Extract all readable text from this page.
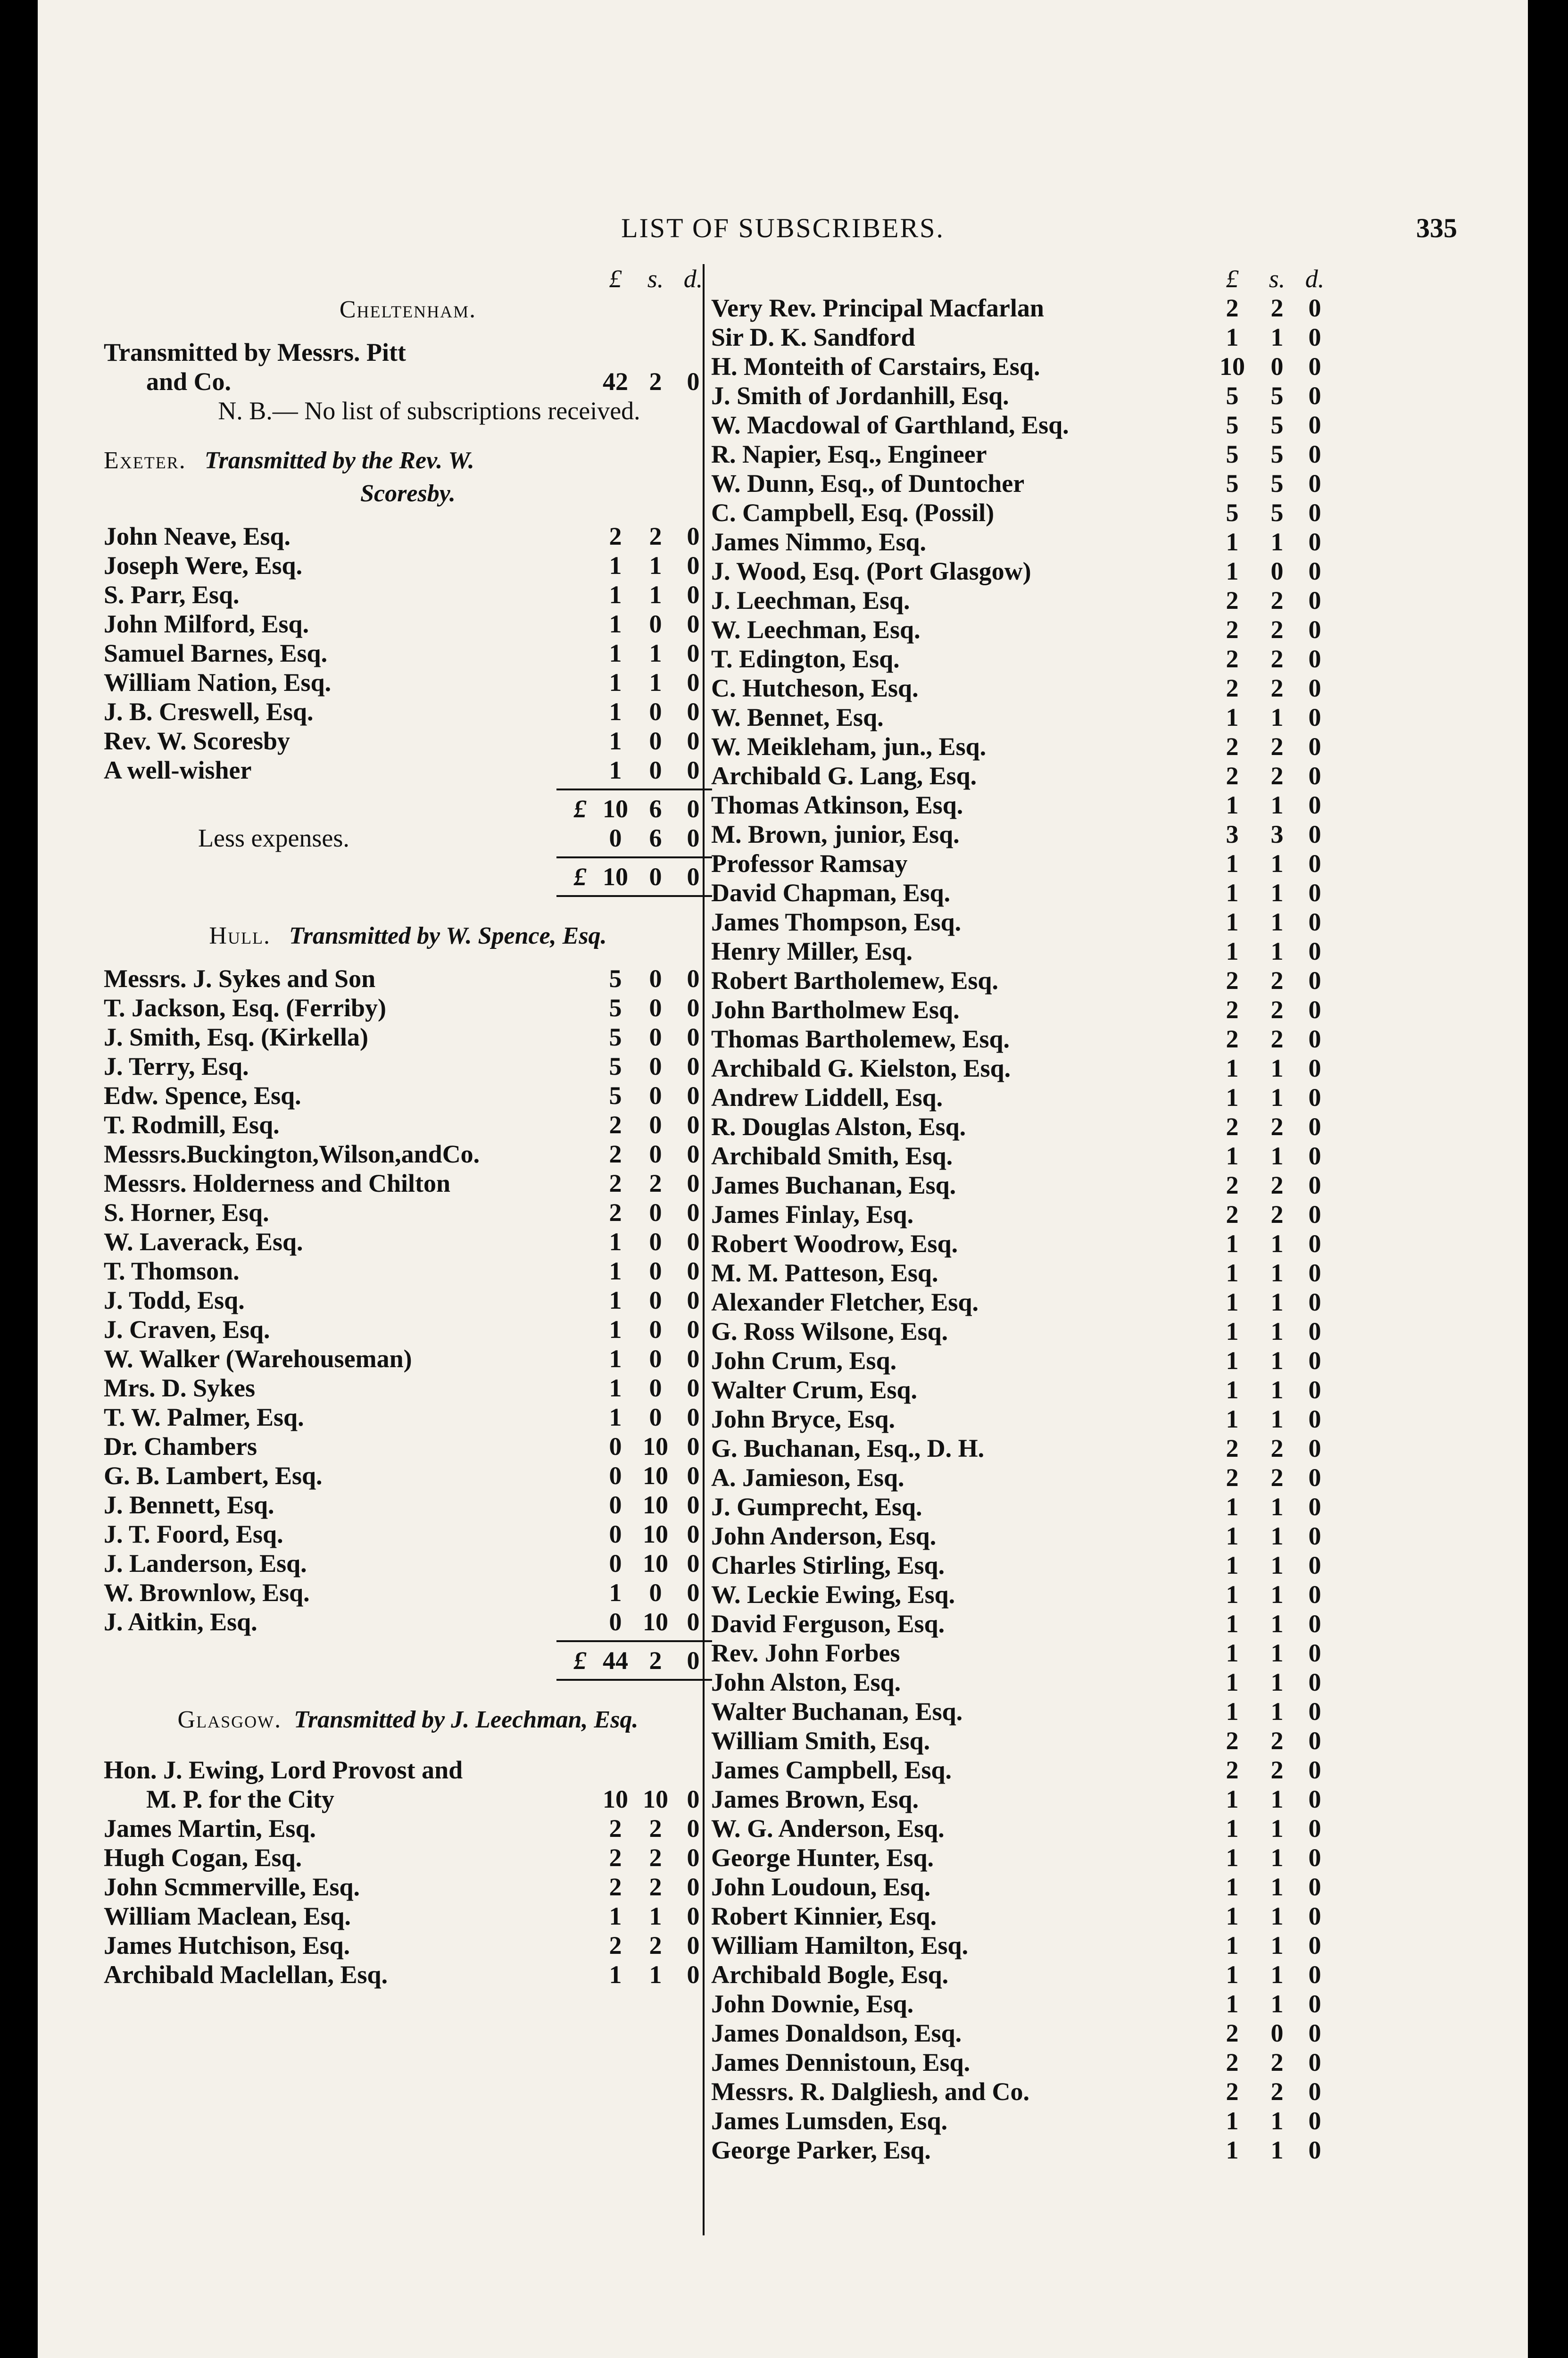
LIST OF SUBSCRIBERS.	335
£	s. d.
Cheltenham.
Transmitted by Messrs. Pitt
and Co.	42 2 0
N. B.— No list of subscriptions received.
Exeter. Transmitted by the Rev. W.
Scoresby.
John Neave, Esq.	2	2 0
Joseph Were, Esq.	1	1 0
S. Parr, Esq.	1	1 0
John Milford, Esq.	1	0 0
Samuel Barnes, Esq.	1	1 0
William Nation, Esq.	1	1 0
J. B. Creswell, Esq.	1	0 0
Rev. W. Scoresby	1	0 0
A well-wisher	1	0 0
£ 10 6 0
Less expenses.	0	6 0
£ 10 0 0
Hull. Transmitted by W. Spence, Esq.
Messrs. J. Sykes and Son	5	0 0
T. Jackson, Esq. (Ferriby)	5	0 0
J. Smith, Esq. (Kirkella)	5	0 0
J. Terry, Esq.	5	0 0
Edw. Spence, Esq.	5	0 0
T. Rodmill, Esq.	2	0 0
Messrs.Buckington,Wilson,andCo.	2	0 0
Messrs. Holderness and Chilton	2	2 0
S. Horner, Esq.	2	0 0
W. Laverack, Esq.	1	0 0
T. Thomson.	1	0 0
J. Todd, Esq.	1	0 0
J. Craven, Esq.	1	0 0
W. Walker (Warehouseman)	1	0 0
Mrs. D. Sykes	1	0 0
T. W. Palmer, Esq.	1	0 0
Dr. Chambers	0 10 0
G. B. Lambert, Esq.	0 10 0
J. Bennett, Esq.	0 10 0
J. T. Foord, Esq.	0 10 0
J. Landerson, Esq.	0 10 0
W. Brownlow, Esq.	1	0 0
J. Aitkin, Esq.	0 10 0
£ 44 2 0
Glasgow. Transmitted by J. Leechman, Esq.
Hon. J. Ewing, Lord Provost and
M. P. for the City	10 10 0
James Martin, Esq.	2	2 0
Hugh Cogan, Esq.	2	2 0
John Scmmerville, Esq.	2	2 0
William Maclean, Esq.	1	1 0
James Hutchison, Esq.	2	2 0
Archibald Maclellan, Esq.	1	1 0
£	s. d.
Very Rev. Principal Macfarlan	2	2 0
Sir D. K. Sandford	1	1 0
H. Monteith of Carstairs, Esq.	10	0 0
J. Smith of Jordanhill, Esq.	5	5 0
W. Macdowal of Garthland, Esq.	5	5 0
R. Napier, Esq., Engineer	5	5 0
W. Dunn, Esq., of Duntocher	5	5 0
C. Campbell, Esq. (Possil)	5	5 0
James Nimmo, Esq.	1	1 0
J. Wood, Esq. (Port Glasgow)	1	0 0
J. Leechman, Esq.	2	2 0
W. Leechman, Esq.	2	2 0
T. Edington, Esq.	2	2 0
C. Hutcheson, Esq.	2	2 0
W. Bennet, Esq.	1	1 0
W. Meikleham, jun., Esq.	2	2 0
Archibald G. Lang, Esq.	2	2 0
Thomas Atkinson, Esq.	1	1 0
M. Brown, junior, Esq.	3	3 0
Professor Ramsay	1	1 0
David Chapman, Esq.	1	1 0
James Thompson, Esq.	1	1 0
Henry Miller, Esq.	1	1 0
Robert Bartholemew, Esq.	2	2 0
John Bartholmew Esq.	2	2 0
Thomas Bartholemew, Esq.	2	2 0
Archibald G. Kielston, Esq.	1	1 0
Andrew Liddell, Esq.	1	1 0
R. Douglas Alston, Esq.	2	2 0
Archibald Smith, Esq.	1	1 0
James Buchanan, Esq.	2	2 0
James Finlay, Esq.	2	2 0
Robert Woodrow, Esq.	1	1 0
M. M. Patteson, Esq.	1	1 0
Alexander Fletcher, Esq.	1	1 0
G. Ross Wilsone, Esq.	1	1 0
John Crum, Esq.	1	1 0
Walter Crum, Esq.	1	1 0
John Bryce, Esq.	1	1 0
G. Buchanan, Esq., D. H.	2	2 0
A. Jamieson, Esq.	2	2 0
J. Gumprecht, Esq.	1	1 0
John Anderson, Esq.	1	1 0
Charles Stirling, Esq.	1	1 0
W. Leckie Ewing, Esq.	1	1 0
David Ferguson, Esq.	1	1 0
Rev. John Forbes	1	1 0
John Alston, Esq.	1	1 0
Walter Buchanan, Esq.	1	1 0
William Smith, Esq.	2	2 0
James Campbell, Esq.	2	2 0
James Brown, Esq.	1	1 0
W. G. Anderson, Esq.	1	1 0
George Hunter, Esq.	1	1 0
John Loudoun, Esq.	1	1 0
Robert Kinnier, Esq.	1	1 0
William Hamilton, Esq.	1	1 0
Archibald Bogle, Esq.	1	1 0
John Downie, Esq.	1	1 0
James Donaldson, Esq.	2	0 0
James Dennistoun, Esq.	2	2 0
Messrs. R. Dalgliesh, and Co.	2	2 0
James Lumsden, Esq.	1	1 0
George Parker, Esq.	1	1 0
